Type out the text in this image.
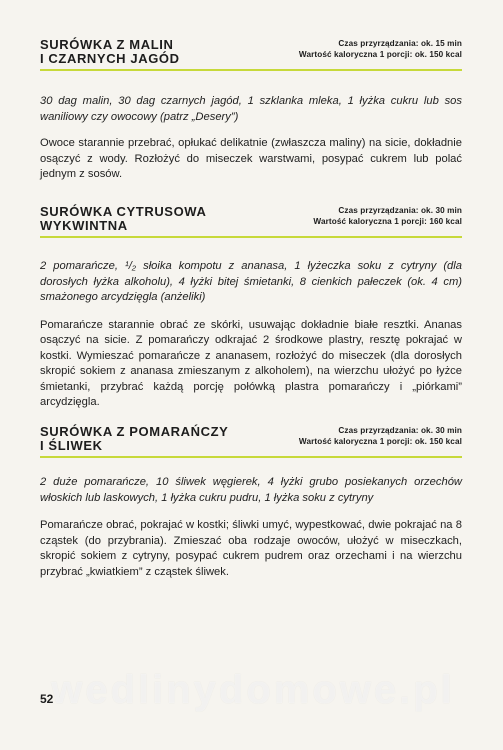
SURÓWKA Z MALIN
I CZARNYCH JAGÓD
Czas przyrządzania: ok. 15 min
Wartość kaloryczna 1 porcji: ok. 150 kcal

30 dag malin, 30 dag czarnych jagód, 1 szklanka mleka, 1 łyżka cukru lub sos waniliowy czy owocowy (patrz „Desery”)

Owoce starannie przebrać, opłukać delikatnie (zwłaszcza maliny) na sicie, dokładnie osączyć z wody. Rozłożyć do miseczek warstwami, posypać cukrem lub polać jednym z sosów.

SURÓWKA CYTRUSOWA
WYKWINTNA
Czas przyrządzania: ok. 30 min
Wartość kaloryczna 1 porcji: 160 kcal

2 pomarańcze, ¹/₂ słoika kompotu z ananasa, 1 łyżeczka soku z cytryny (dla dorosłych łyżka alkoholu), 4 łyżki bitej śmietanki, 8 cienkich pałeczek (ok. 4 cm) smażonego arcydzięgla (anżeliki)

Pomarańcze starannie obrać ze skórki, usuwając dokładnie białe resztki. Ananas osączyć na sicie. Z pomarańczy odkrajać 2 środkowe plastry, resztę pokrajać w kostki. Wymieszać pomarańcze z ananasem, rozłożyć do miseczek (dla dorosłych skropić sokiem z ananasa zmieszanym z alkoholem), na wierzchu ułożyć po łyżce śmietanki, przybrać każdą porcję połówką plastra pomarańczy i „piórkami” arcydzięgla.

SURÓWKA Z POMARAŃCZY
I ŚLIWEK
Czas przyrządzania: ok. 30 min
Wartość kaloryczna 1 porcji: ok. 150 kcal

2 duże pomarańcze, 10 śliwek węgierek, 4 łyżki grubo posiekanych orzechów włoskich lub laskowych, 1 łyżka cukru pudru, 1 łyżka soku z cytryny

Pomarańcze obrać, pokrajać w kostki; śliwki umyć, wypestkować, dwie pokrajać na 8 cząstek (do przybrania). Zmieszać oba rodzaje owoców, ułożyć w miseczkach, skropić sokiem z cytryny, posypać cukrem pudrem oraz orzechami i na wierzchu przybrać „kwiatkiem” z cząstek śliwek.

wedlinydomowe.pl
52
